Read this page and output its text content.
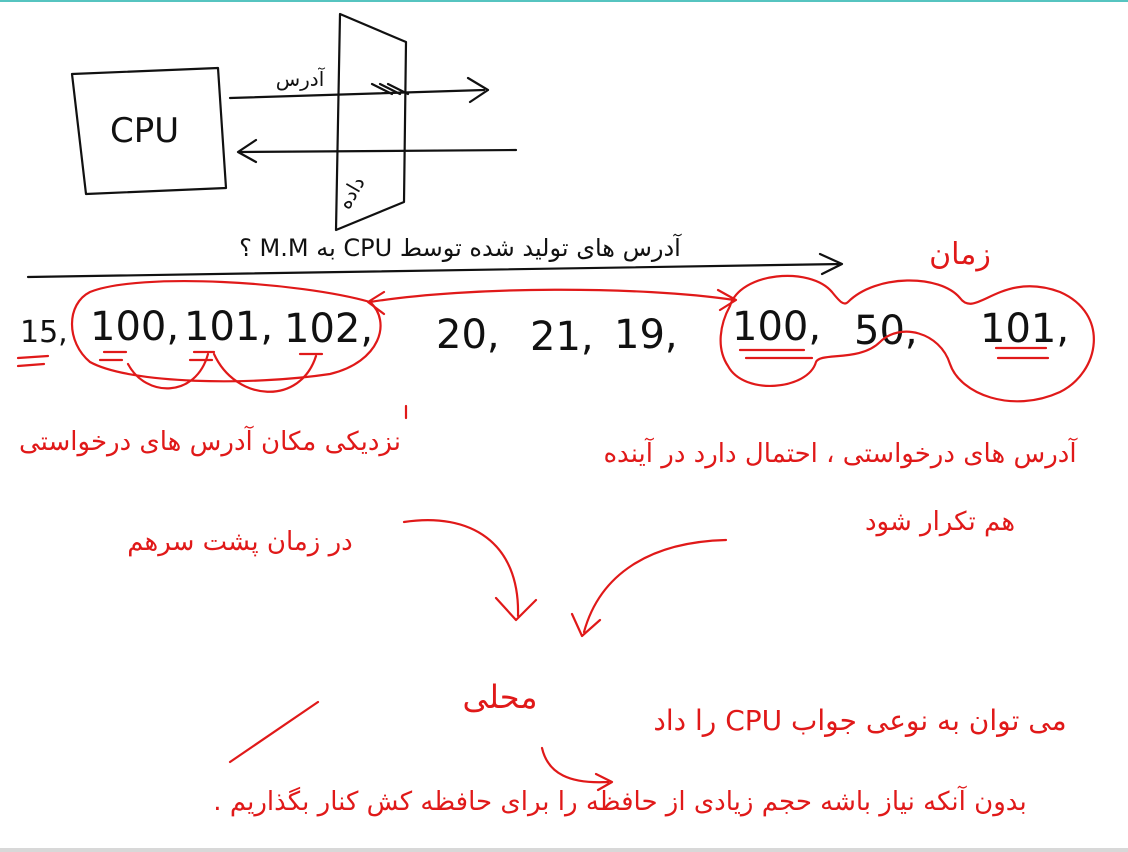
CPU
آدرس
داده
آدرس های تولید شده توسط CPU به M.M ؟	زمان
15, 100, 101, 102, 20, 21, 19, 100, 50, 101,
نزدیکی مکان آدرس های درخواستی
در زمان پشت سرهم
آدرس های درخواستی ، احتمال دارد در آینده
هم تکرار شود
محلی
می توان به نوعی جواب CPU را داد
بدون آنکه نیاز باشه حجم زیادی از حافظه را برای حافظه کش کنار بگذاریم .
